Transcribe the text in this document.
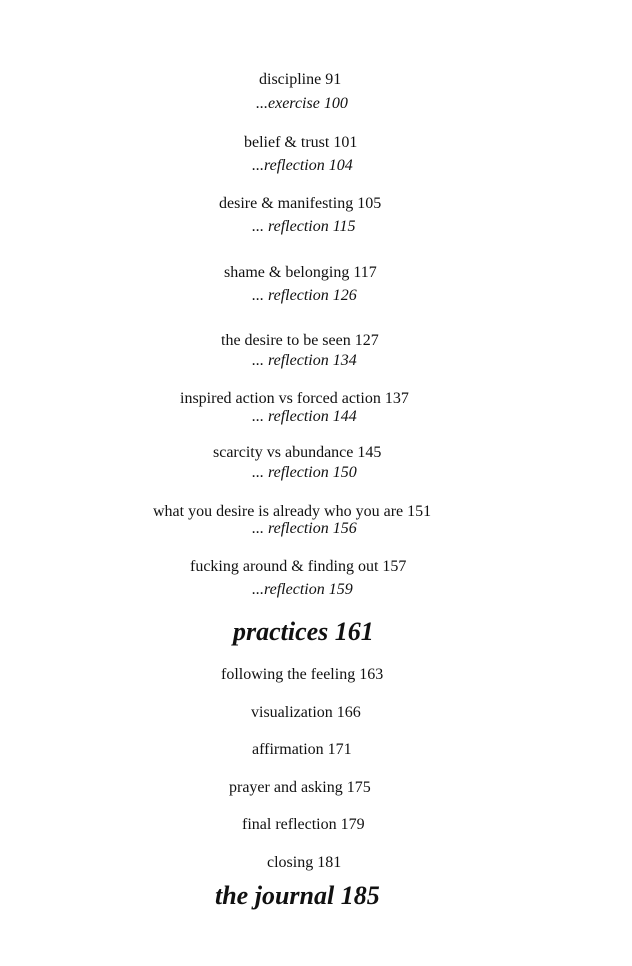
discipline 91
...exercise 100
belief & trust 101
...reflection 104
desire & manifesting 105
... reflection 115
shame & belonging 117
... reflection 126
the desire to be seen 127
... reflection 134
inspired action vs forced action 137
... reflection 144
scarcity vs abundance 145
... reflection 150
what you desire is already who you are 151
... reflection 156
fucking around & finding out 157
...reflection 159
practices 161
following the feeling 163
visualization 166
affirmation 171
prayer and asking 175
final reflection 179
closing 181
the journal 185
